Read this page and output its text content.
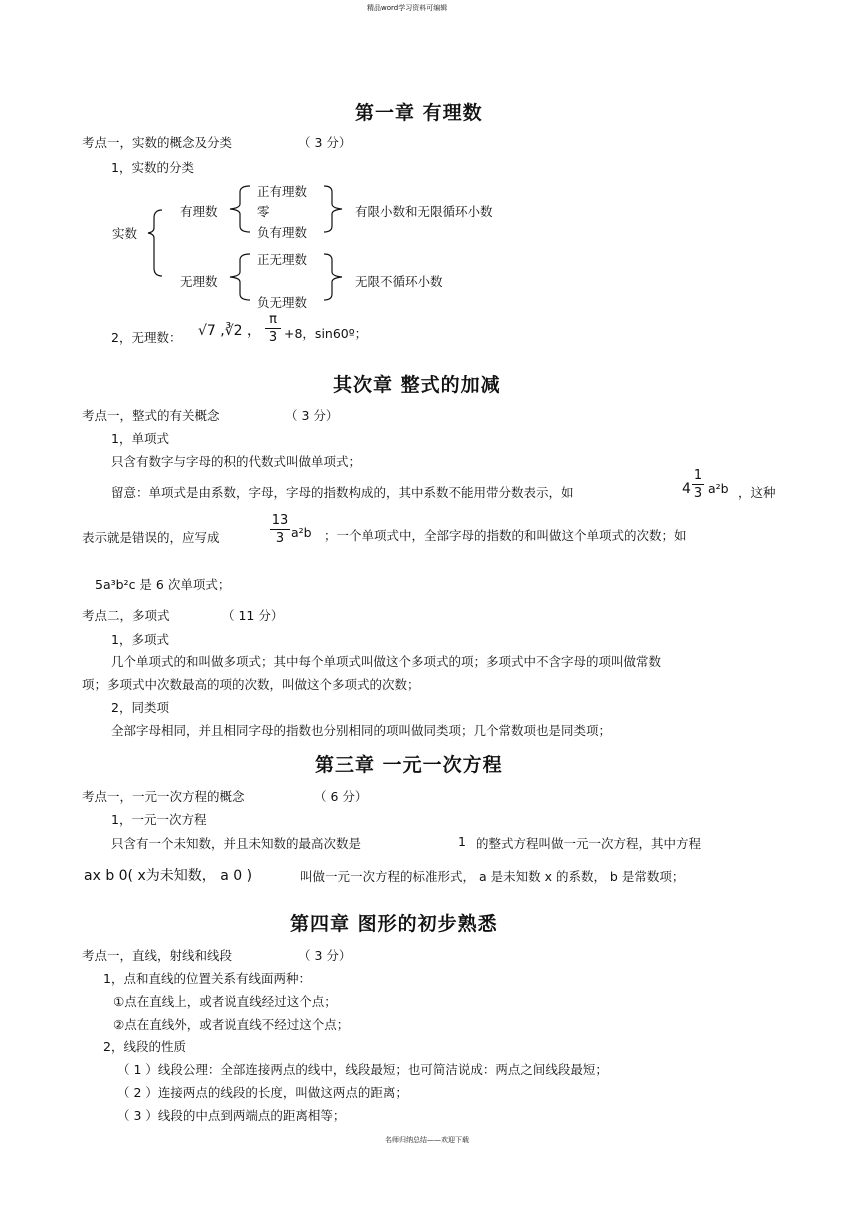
精品word学习资料可编辑
名师归纳总结——欢迎下载
第一章 有理数
考点一，实数的概念及分类	（ 3 分）
1，实数的分类
实数
有理数
正有理数
零
负有理数
有限小数和无限循环小数
无理数
正无理数
负无理数
无限不循环小数
2，无理数： √7 ,∛2 ，
π
3 +8，sin60º；
其次章 整式的加减
考点一，整式的有关概念	（ 3 分）
1，单项式
只含有数字与字母的积的代数式叫做单项式；
留意：单项式是由系数，字母，字母的指数构成的，其中系数不能用带分数表示，如	4
1
3 a²b ，这种
表示就是错误的，应写成
13
3 a²b ；一个单项式中，全部字母的指数的和叫做这个单项式的次数；如
5a³b²c 是 6 次单项式；
考点二，多项式	（ 11 分）
1，多项式
几个单项式的和叫做多项式；其中每个单项式叫做这个多项式的项；多项式中不含字母的项叫做常数
项；多项式中次数最高的项的次数，叫做这个多项式的次数；
2，同类项
全部字母相同，并且相同字母的指数也分别相同的项叫做同类项；几个常数项也是同类项；
第三章 一元一次方程
考点一，一元一次方程的概念	（ 6 分）
1，一元一次方程
只含有一个未知数，并且未知数的最高次数是	1 的整式方程叫做一元一次方程，其中方程
ax b 0( x为未知数， a 0 )	叫做一元一次方程的标准形式， a 是未知数 x 的系数， b 是常数项；
第四章 图形的初步熟悉
考点一，直线，射线和线段	（ 3 分）
1，点和直线的位置关系有线面两种：
①点在直线上，或者说直线经过这个点；
②点在直线外，或者说直线不经过这个点；
2，线段的性质
（ 1 ）线段公理：全部连接两点的线中，线段最短；也可简洁说成：两点之间线段最短；
（ 2 ）连接两点的线段的长度，叫做这两点的距离；
（ 3 ）线段的中点到两端点的距离相等；
